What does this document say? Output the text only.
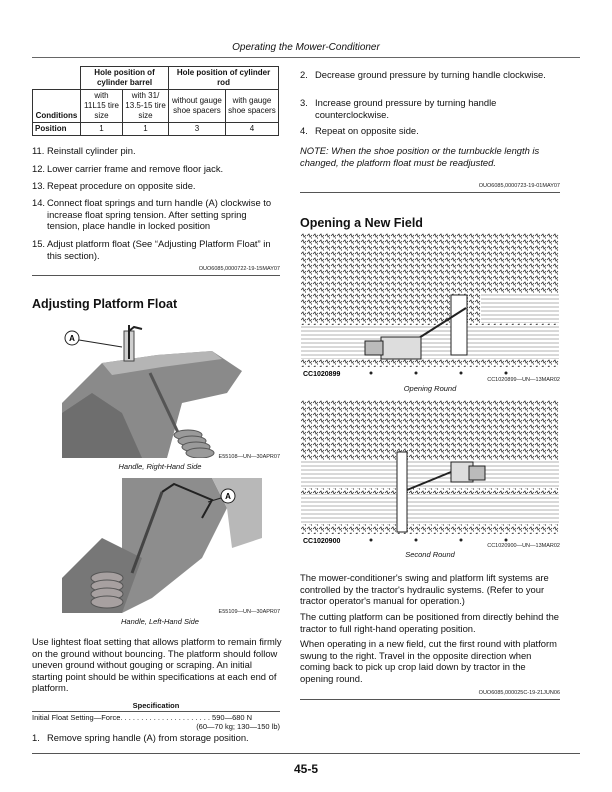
Operating the Mower-Conditioner
	Hole position of cylinder barrel		Hole position of cylinder rod	
Conditions	with 11L15 tire size	with 31/ 13.5-15 tire size	without gauge shoe spacers	with gauge shoe spacers
Position	1	1	3	4
11. Reinstall cylinder pin.
12. Lower carrier frame and remove floor jack.
13. Repeat procedure on opposite side.
14. Connect float springs and turn handle (A) clockwise to increase float spring tension. After setting spring tension, place handle in locked position
15. Adjust platform float (See “Adjusting Platform Float” in this section).
OUO6085,0000722-19-15MAY07
Adjusting Platform Float
A
E55108—UN—30APR07
Handle, Right-Hand Side
A
E55109—UN—30APR07
Handle, Left-Hand Side
Use lightest float setting that allows platform to remain firmly on the ground without bouncing. The platform should follow uneven ground without gouging or scraping. An initial starting point should be within specifications at each end of platform.
Specification
Initial Float Setting—Force. . . . . . . . . . . . . . . . . . . . . . 590—680 N
(60—70 kg; 130—150 lb)
1. Remove spring handle (A) from storage position.
2. Decrease ground pressure by turning handle clockwise.
3. Increase ground pressure by turning handle counterclockwise.
4. Repeat on opposite side.
NOTE: When the shoe position or the turnbuckle length is changed, the platform float must be readjusted.
OUO6085,0000723-19-01MAY07
Opening a New Field
CC1020899
CC1020899—UN—13MAR02
Opening Round
CC1020900
CC1020900—UN—13MAR02
Second Round
The mower-conditioner's swing and platform lift systems are controlled by the tractor's hydraulic systems. (Refer to your tractor operator's manual for operation.)
The cutting platform can be positioned from directly behind the tractor to full right-hand operating position.
When operating in a new field, cut the first round with platform swung to the right. Travel in the opposite direction when coming back to pick up crop laid down by tractor in the opening round.
OUO6085,000025C-19-21JUN06
45-5
